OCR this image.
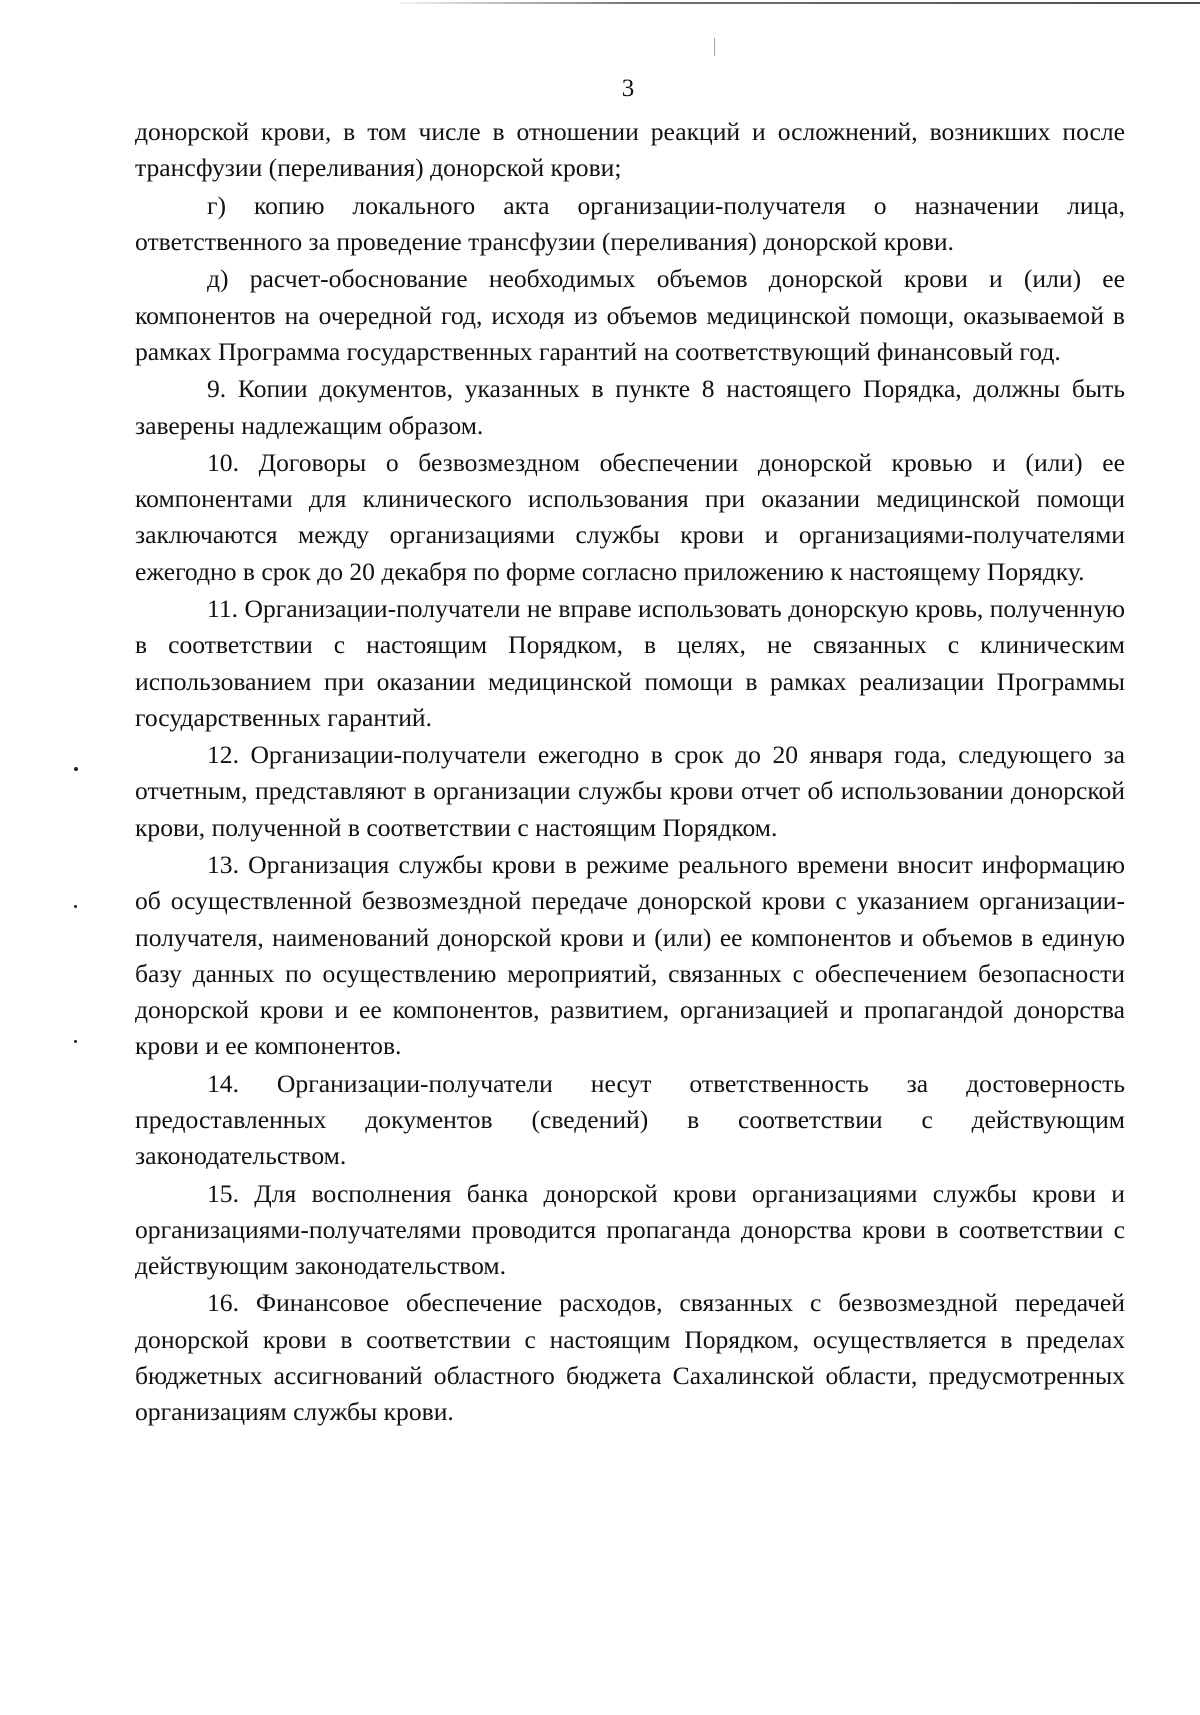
3

донорской крови, в том числе в отношении реакций и осложнений, возникших после трансфузии (переливания) донорской крови;

г) копию локального акта организации-получателя о назначении лица, ответственного за проведение трансфузии (переливания) донорской крови.

д) расчет-обоснование необходимых объемов донорской крови и (или) ее компонентов на очередной год, исходя из объемов медицинской помощи, оказываемой в рамках Программа государственных гарантий на соответствующий финансовый год.

9. Копии документов, указанных в пункте 8 настоящего Порядка, должны быть заверены надлежащим образом.

10. Договоры о безвозмездном обеспечении донорской кровью и (или) ее компонентами для клинического использования при оказании медицинской помощи заключаются между организациями службы крови и организациями-получателями ежегодно в срок до 20 декабря по форме согласно приложению к настоящему Порядку.

11. Организации-получатели не вправе использовать донорскую кровь, полученную в соответствии с настоящим Порядком, в целях, не связанных с клиническим использованием при оказании медицинской помощи в рамках реализации Программы государственных гарантий.

12. Организации-получатели ежегодно в срок до 20 января года, следующего за отчетным, представляют в организации службы крови отчет об использовании донорской крови, полученной в соответствии с настоящим Порядком.

13. Организация службы крови в режиме реального времени вносит информацию об осуществленной безвозмездной передаче донорской крови с указанием организации-получателя, наименований донорской крови и (или) ее компонентов и объемов в единую базу данных по осуществлению мероприятий, связанных с обеспечением безопасности донорской крови и ее компонентов, развитием, организацией и пропагандой донорства крови и ее компонентов.

14. Организации-получатели несут ответственность за достоверность предоставленных документов (сведений) в соответствии с действующим законодательством.

15. Для восполнения банка донорской крови организациями службы крови и организациями-получателями проводится пропаганда донорства крови в соответствии с действующим законодательством.

16. Финансовое обеспечение расходов, связанных с безвозмездной передачей донорской крови в соответствии с настоящим Порядком, осуществляется в пределах бюджетных ассигнований областного бюджета Сахалинской области, предусмотренных организациям службы крови.
